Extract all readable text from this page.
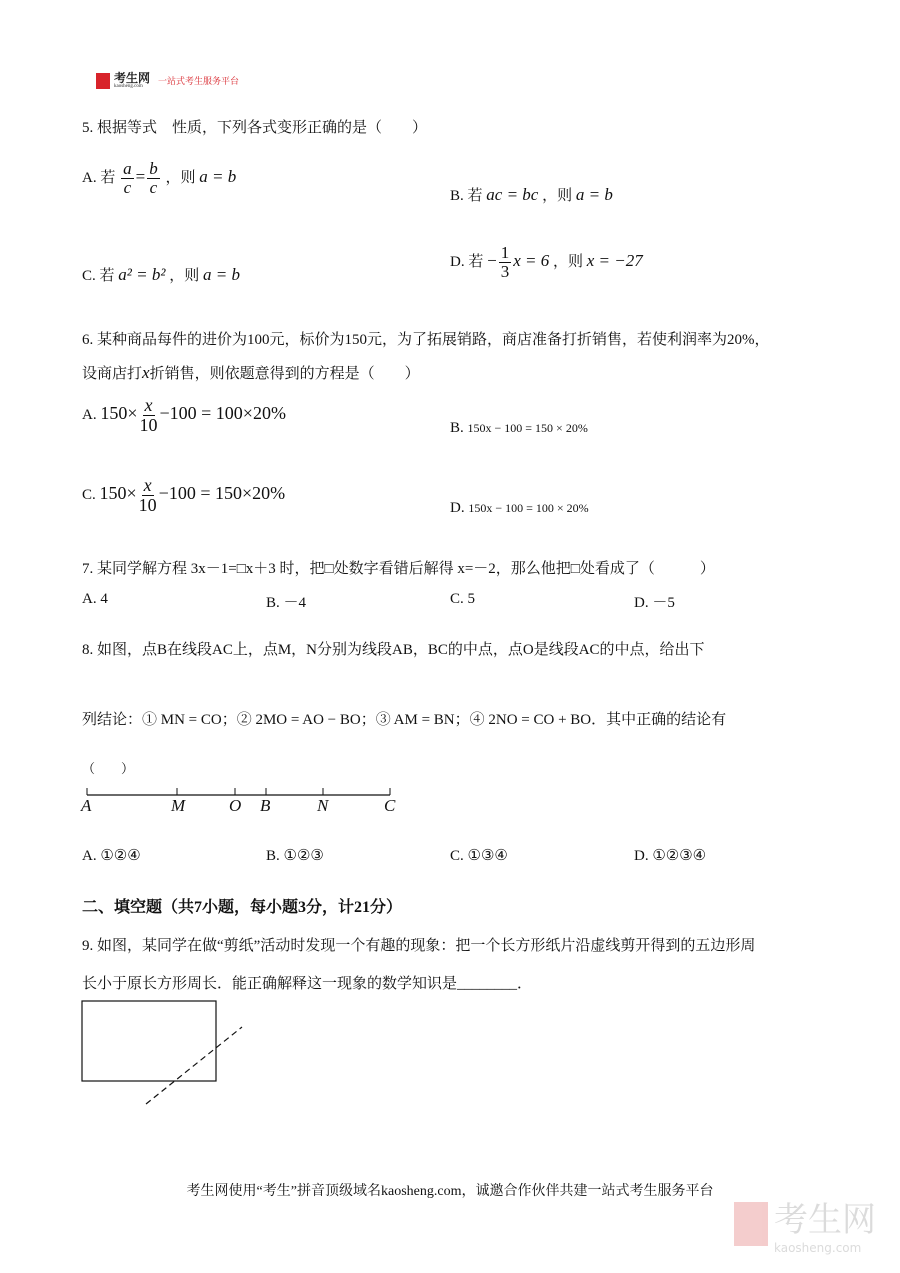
考生网
kaosheng.com
一站式考生服务平台
5. 根据等式　性质，下列各式变形正确的是（　　）
A. 若 $\frac{a}{c} = \frac{b}{c}$ ，则 a = b
B. 若 ac = bc ，则 a = b
C. 若 a² = b² ，则 a = b
D. 若 − $\frac{1}{3}$ x = 6 ，则 x = −27
6. 某种商品每件的进价为100元，标价为150元，为了拓展销路，商店准备打折销售，若使利润率为20%，
设商店打x折销售，则依题意得到的方程是（　　）
A. $150\times \frac{x}{10} -100 = 100\times 20\%$
B. 150x − 100 = 150 × 20%
C. $150\times \frac{x}{10} -100 = 150\times 20\%$
D. 150x − 100 = 100 × 20%
7. 某同学解方程 3x－1=□x＋3 时，把□处数字看错后解得 x=－2，那么他把□处看成了（　　　）
A. 4	B. －4	C. 5	D. －5
8. 如图，点B在线段AC上，点M，N分别为线段AB，BC的中点，点O是线段AC的中点，给出下
列结论：① MN = CO；② 2MO = AO − BO；③ AM = BN；④ 2NO = CO + BO．其中正确的结论有
（　　）
A. ①②④	B. ①②③	C. ①③④	D. ①②③④
二、填空题（共7小题，每小题3分，计21分）
9. 如图，某同学在做“剪纸”活动时发现一个有趣的现象：把一个长方形纸片沿虚线剪开得到的五边形周
长小于原长方形周长．能正确解释这一现象的数学知识是________．
考生网使用“考生”拼音顶级域名kaosheng.com，诚邀合作伙伴共建一站式考生服务平台
考生网
kaosheng.com
A	M	O B	N	C
